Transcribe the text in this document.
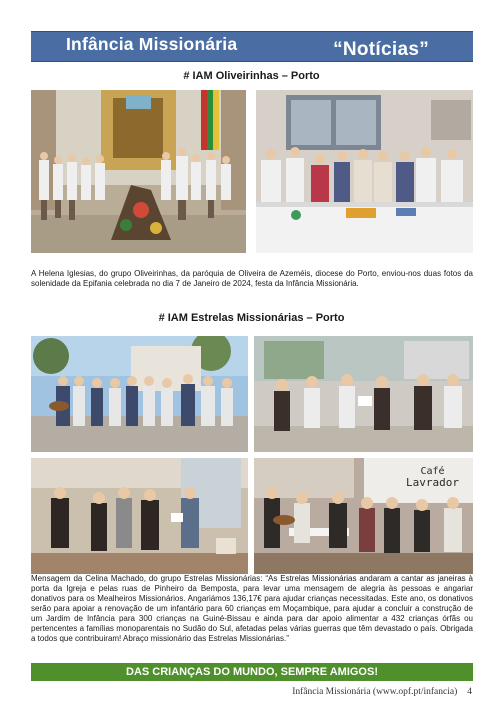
Infância Missionária	“Notícias”
# IAM Oliveirinhas – Porto
A Helena Iglesias, do grupo Oliveirinhas, da paróquia de Oliveira de Azeméis, diocese do Porto, enviou-nos duas fotos da solenidade da Epifania celebrada no dia 7 de Janeiro de 2024, festa da Infância Missionária.
# IAM Estrelas Missionárias – Porto
Café
Lavrador
Mensagem da Celina Machado, do grupo Estrelas Missionárias: “As Estrelas Missionárias andaram a cantar as janeiras à porta da Igreja e pelas ruas de Pinheiro da Bemposta, para levar uma mensagem de alegria às pessoas e angariar donativos para os Mealheiros Missionários. Angariámos 136,17€ para ajudar crianças necessitadas. Este ano, os donativos serão para apoiar a renovação de um infantário para 60 crianças em Moçambique, para ajudar a concluir a construção de um Jardim de Infância para 300 crianças na Guiné-Bissau e ainda para dar apoio alimentar a 432 crianças órfãs ou pertencentes a famílias monoparentais no Sudão do Sul, afetadas pelas várias guerras que têm devastado o país. Obrigada a todos que contribuiram! Abraço missionário das Estrelas Missionárias.”
DAS CRIANÇAS DO MUNDO, SEMPRE AMIGOS!
Infância Missionária (www.opf.pt/infancia) 4
